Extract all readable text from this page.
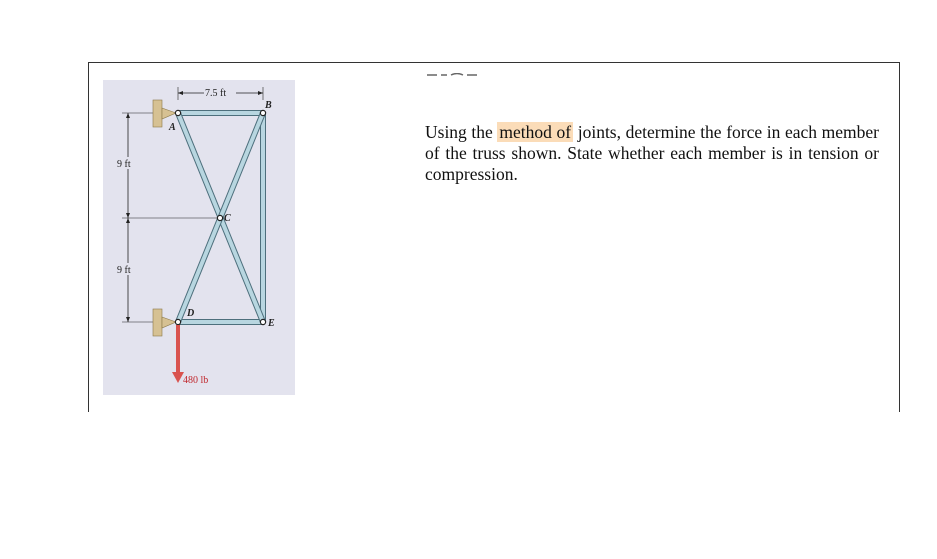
9 ft
9 ft
7.5 ft
A
B
C
D
E
480 lb

Using the method of joints, determine the force in each member of the truss shown. State whether each member is in tension or compression.
